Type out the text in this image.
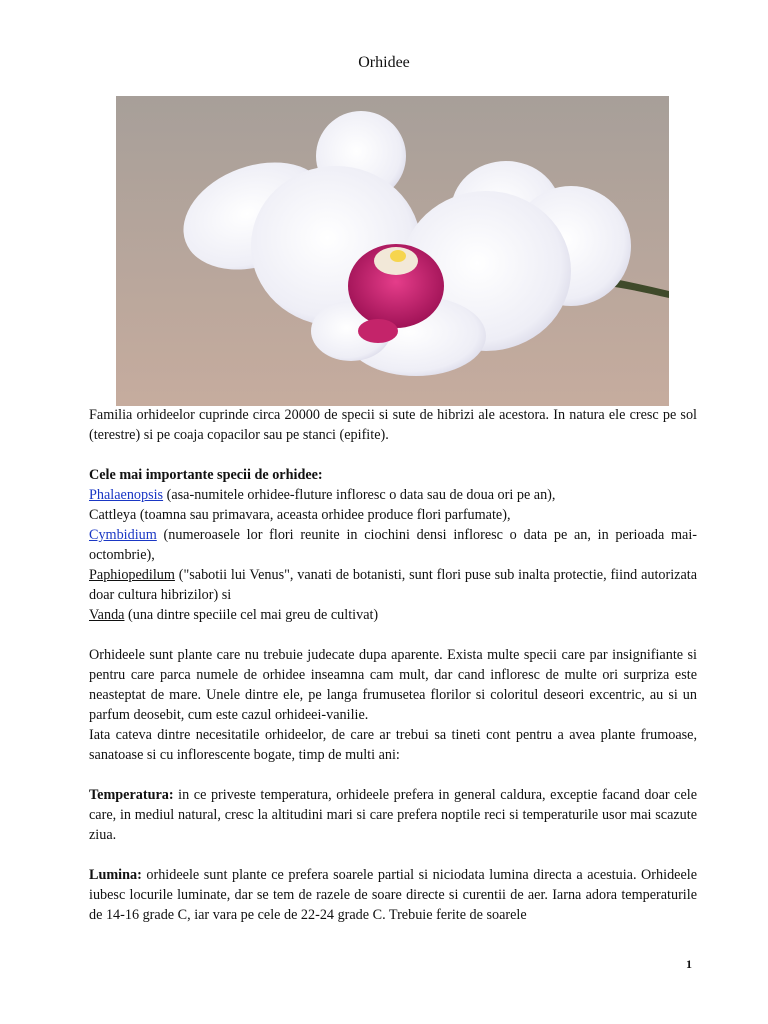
Orhidee

Familia orhideelor cuprinde circa 20000 de specii si sute de hibrizi ale acestora. In natura ele cresc pe sol (terestre) si pe coaja copacilor sau pe stanci (epifite).

Cele mai importante specii de orhidee:

Phalaenopsis (asa-numitele orhidee-fluture infloresc o data sau de doua ori pe an),

Cattleya (toamna sau primavara, aceasta orhidee produce flori parfumate),

Cymbidium (numeroasele lor flori reunite in ciochini densi infloresc o data pe an, in perioada mai-octombrie),

Paphiopedilum ("sabotii lui Venus", vanati de botanisti, sunt flori puse sub inalta protectie, fiind autorizata doar cultura hibrizilor) si

Vanda (una dintre speciile cel mai greu de cultivat)

Orhideele sunt plante care nu trebuie judecate dupa aparente. Exista multe specii care par insignifiante si pentru care parca numele de orhidee inseamna cam mult, dar cand infloresc de multe ori surpriza este neasteptat de mare. Unele dintre ele, pe langa frumusetea florilor si coloritul deseori excentric, au si un parfum deosebit, cum este cazul orhideei-vanilie.

Iata cateva dintre necesitatile orhideelor, de care ar trebui sa tineti cont pentru a avea plante frumoase, sanatoase si cu inflorescente bogate, timp de multi ani:

Temperatura: in ce priveste temperatura, orhideele prefera in general caldura, exceptie facand doar cele care, in mediul natural, cresc la altitudini mari si care prefera noptile reci si temperaturile usor mai scazute ziua.

Lumina: orhideele sunt plante ce prefera soarele partial si niciodata lumina directa a acestuia. Orhideele iubesc locurile luminate, dar se tem de razele de soare directe si curentii de aer. Iarna adora temperaturile de 14-16 grade C, iar vara pe cele de 22-24 grade C. Trebuie ferite de soarele

1
